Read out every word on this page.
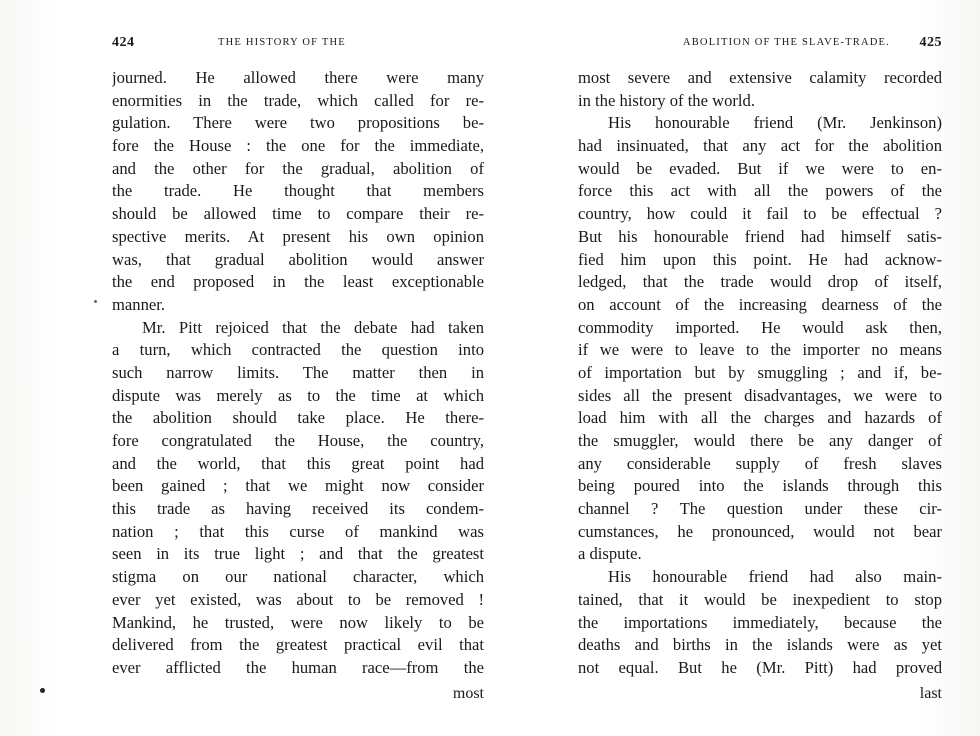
424	THE HISTORY OF THE
journed. He allowed there were many
enormities in the trade, which called for re-
gulation. There were two propositions be-
fore the House : the one for the immediate,
and the other for the gradual, abolition of
the trade. He thought that members
should be allowed time to compare their re-
spective merits. At present his own opinion
was, that gradual abolition would answer
the end proposed in the least exceptionable
manner.
Mr. Pitt rejoiced that the debate had taken
a turn, which contracted the question into
such narrow limits. The matter then in
dispute was merely as to the time at which
the abolition should take place. He there-
fore congratulated the House, the country,
and the world, that this great point had
been gained ; that we might now consider
this trade as having received its condem-
nation ; that this curse of mankind was
seen in its true light ; and that the greatest
stigma on our national character, which
ever yet existed, was about to be removed !
Mankind, he trusted, were now likely to be
delivered from the greatest practical evil that
ever afflicted the human race—from the
most
ABOLITION OF THE SLAVE-TRADE. 425
most severe and extensive calamity recorded
in the history of the world.
His honourable friend (Mr. Jenkinson)
had insinuated, that any act for the abolition
would be evaded. But if we were to en-
force this act with all the powers of the
country, how could it fail to be effectual ?
But his honourable friend had himself satis-
fied him upon this point. He had acknow-
ledged, that the trade would drop of itself,
on account of the increasing dearness of the
commodity imported. He would ask then,
if we were to leave to the importer no means
of importation but by smuggling ; and if, be-
sides all the present disadvantages, we were to
load him with all the charges and hazards of
the smuggler, would there be any danger of
any considerable supply of fresh slaves
being poured into the islands through this
channel ? The question under these cir-
cumstances, he pronounced, would not bear
a dispute.
His honourable friend had also main-
tained, that it would be inexpedient to stop
the importations immediately, because the
deaths and births in the islands were as yet
not equal. But he (Mr. Pitt) had proved
last
